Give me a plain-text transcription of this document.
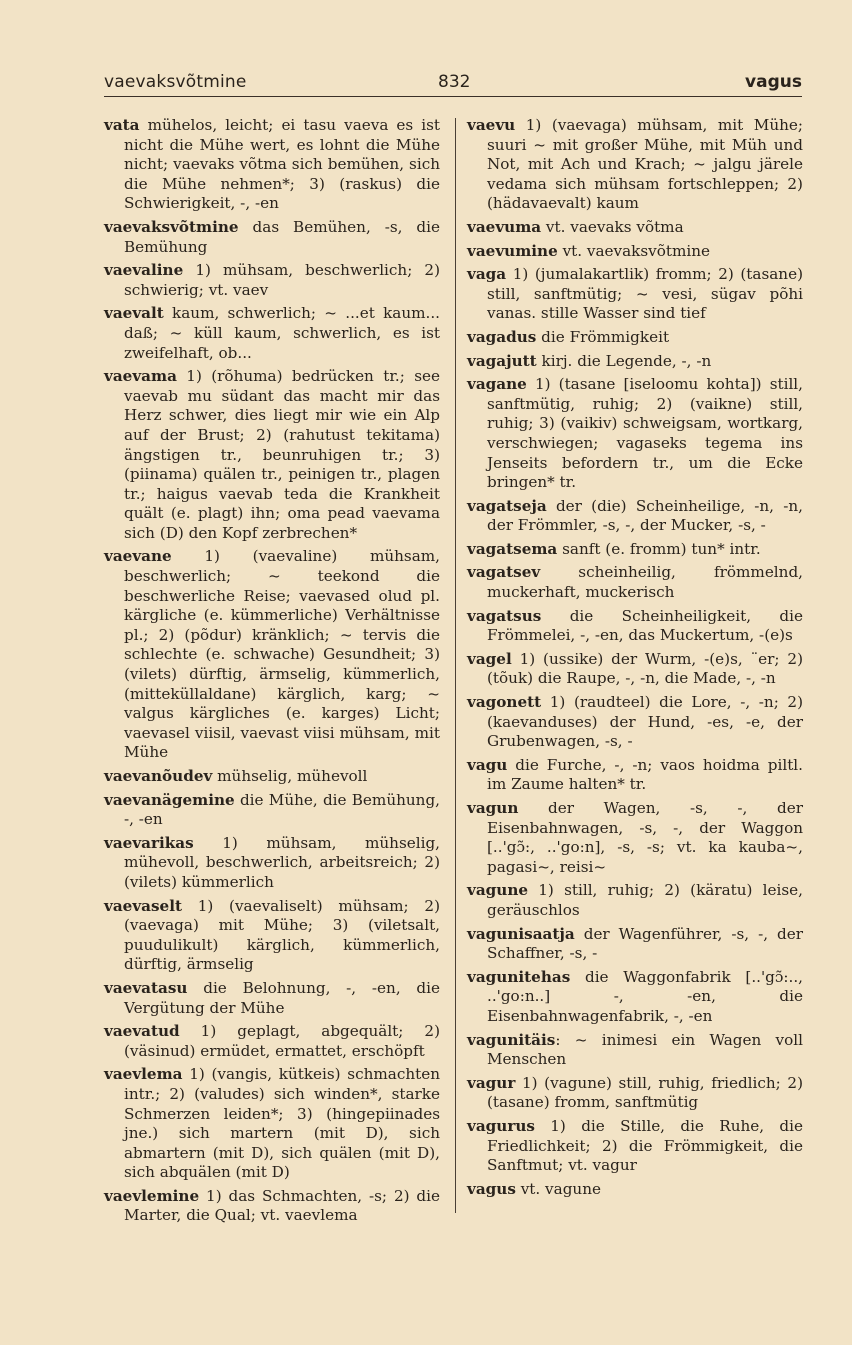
vaevaksvõtmine	832	vagus

vata mühelos, leicht; ei tasu vaeva es ist nicht die Mühe wert, es lohnt die Mühe nicht; vaevaks võtma sich bemühen, sich die Mühe nehmen*; 3) (raskus) die Schwierigkeit, -, -en

vaevaksvõtmine das Bemühen, -s, die Bemühung

vaevaline 1) mühsam, beschwerlich; 2) schwierig; vt. vaev

vaevalt kaum, schwerlich; ~ ...et kaum... daß; ~ küll kaum, schwerlich, es ist zweifelhaft, ob...

vaevama 1) (rõhuma) bedrücken tr.; see vaevab mu südant das macht mir das Herz schwer, dies liegt mir wie ein Alp auf der Brust; 2) (rahutust tekitama) ängstigen tr., beunruhigen tr.; 3) (piinama) quälen tr., peinigen tr., plagen tr.; haigus vaevab teda die Krankheit quält (e. plagt) ihn; oma pead vaevama sich (D) den Kopf zerbrechen*

vaevane 1) (vaevaline) mühsam, beschwerlich; ~ teekond die beschwerliche Reise; vaevased olud pl. kärgliche (e. kümmerliche) Verhältnisse pl.; 2) (põdur) kränklich; ~ tervis die schlechte (e. schwache) Gesundheit; 3) (vilets) dürftig, ärmselig, kümmerlich, (mitteküllaldane) kärglich, karg; ~ valgus kärgliches (e. karges) Licht; vaevasel viisil, vaevast viisi mühsam, mit Mühe

vaevanõudev mühselig, mühevoll

vaevanägemine die Mühe, die Bemühung, -, -en

vaevarikas 1) mühsam, mühselig, mühevoll, beschwerlich, arbeitsreich; 2) (vilets) kümmerlich

vaevaselt 1) (vaevaliselt) mühsam; 2) (vaevaga) mit Mühe; 3) (viletsalt, puudulikult) kärglich, kümmerlich, dürftig, ärmselig

vaevatasu die Belohnung, -, -en, die Vergütung der Mühe

vaevatud 1) geplagt, abgequält; 2) (väsinud) ermüdet, ermattet, erschöpft

vaevlema 1) (vangis, kütkeis) schmachten intr.; 2) (valudes) sich winden*, starke Schmerzen leiden*; 3) (hingepiinades jne.) sich martern (mit D), sich abmartern (mit D), sich quälen (mit D), sich abquälen (mit D)

vaevlemine 1) das Schmachten, -s; 2) die Marter, die Qual; vt. vaevlema

vaevu 1) (vaevaga) mühsam, mit Mühe; suuri ~ mit großer Mühe, mit Müh und Not, mit Ach und Krach; ~ jalgu järele vedama sich mühsam fortschleppen; 2) (hädavaevalt) kaum

vaevuma vt. vaevaks võtma

vaevumine vt. vaevaksvõtmine

vaga 1) (jumalakartlik) fromm; 2) (tasane) still, sanftmütig; ~ vesi, sügav põhi vanas. stille Wasser sind tief

vagadus die Frömmigkeit

vagajutt kirj. die Legende, -, -n

vagane 1) (tasane [iseloomu kohta]) still, sanftmütig, ruhig; 2) (vaikne) still, ruhig; 3) (vaikiv) schweigsam, wortkarg, verschwiegen; vagaseks tegema ins Jenseits befordern tr., um die Ecke bringen* tr.

vagatseja der (die) Scheinheilige, -n, -n, der Frömmler, -s, -, der Mucker, -s, -

vagatsema sanft (e. fromm) tun* intr.

vagatsev scheinheilig, frömmelnd, muckerhaft, muckerisch

vagatsus die Scheinheiligkeit, die Frömmelei, -, -en, das Muckertum, -(e)s

vagel 1) (ussike) der Wurm, -(e)s, ¨er; 2) (tõuk) die Raupe, -, -n, die Made, -, -n

vagonett 1) (raudteel) die Lore, -, -n; 2) (kaevanduses) der Hund, -es, -e, der Grubenwagen, -s, -

vagu die Furche, -, -n; vaos hoidma piltl. im Zaume halten* tr.

vagun der Wagen, -s, -, der Eisenbahnwagen, -s, -, der Waggon [..'gɔ̃:, ..'go:n], -s, -s; vt. ka kauba~, pagasi~, reisi~

vagune 1) still, ruhig; 2) (käratu) leise, geräuschlos

vagunisaatja der Wagenführer, -s, -, der Schaffner, -s, -

vagunitehas die Waggonfabrik [..'gɔ̃:.., ..'go:n..] -, -en, die Eisenbahnwagenfabrik, -, -en

vagunitäis: ~ inimesi ein Wagen voll Menschen

vagur 1) (vagune) still, ruhig, friedlich; 2) (tasane) fromm, sanftmütig

vagurus 1) die Stille, die Ruhe, die Friedlichkeit; 2) die Frömmigkeit, die Sanftmut; vt. vagur

vagus vt. vagune
